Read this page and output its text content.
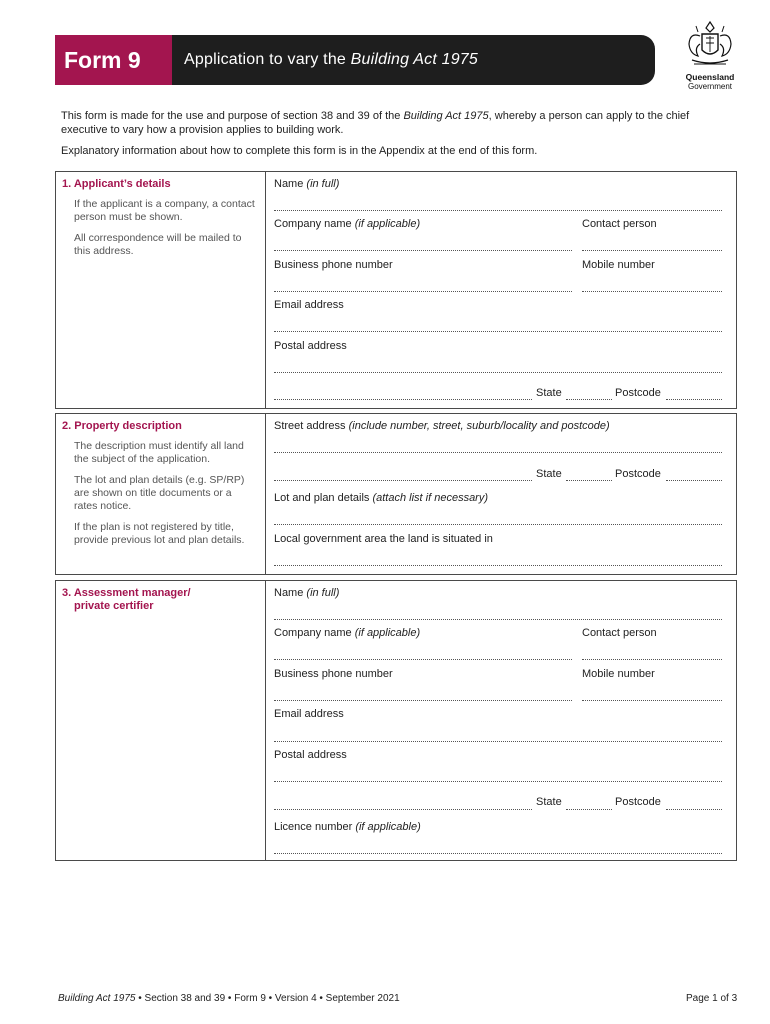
Form 9	Application to vary the Building Act 1975
Queensland
Government
This form is made for the use and purpose of section 38 and 39 of the Building Act 1975, whereby a person can apply to the chief executive to vary how a provision applies to building work.
Explanatory information about how to complete this form is in the Appendix at the end of this form.
1. Applicant’s details
If the applicant is a company, a contact person must be shown.
All correspondence will be mailed to this address.
Name (in full)
Company name (if applicable)	Contact person
Business phone number	Mobile number
Email address
Postal address
State	Postcode
2. Property description
The description must identify all land the subject of the application.
The lot and plan details (e.g. SP/RP) are shown on title documents or a rates notice.
If the plan is not registered by title, provide previous lot and plan details.
Street address (include number, street, suburb/locality and postcode)
State	Postcode
Lot and plan details (attach list if necessary)
Local government area the land is situated in
3. Assessment manager/
private certifier
Name (in full)
Company name (if applicable)	Contact person
Business phone number	Mobile number
Email address
Postal address
State	Postcode
Licence number (if applicable)
Building Act 1975 • Section 38 and 39 • Form 9 • Version 4 • September 2021	Page 1 of 3
